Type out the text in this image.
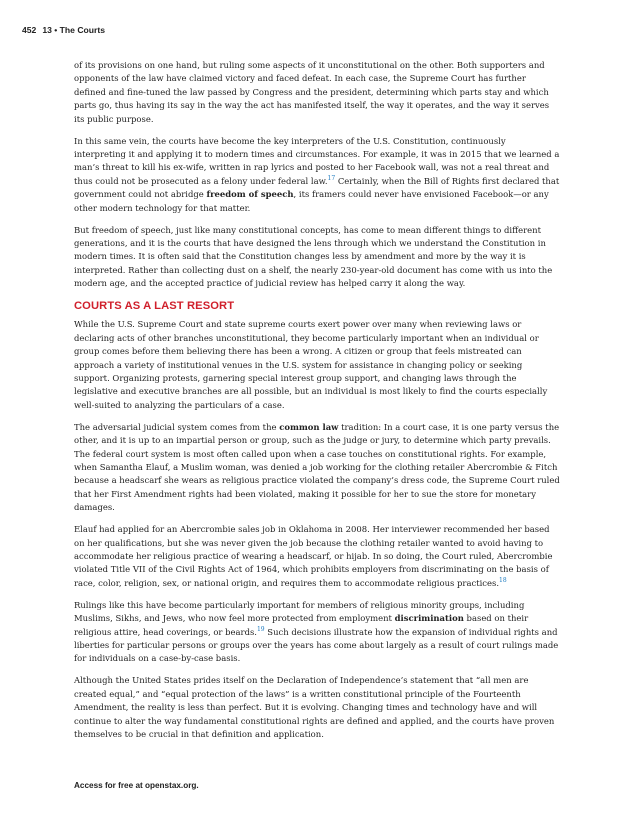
452 13 • The Courts

of its provisions on one hand, but ruling some aspects of it unconstitutional on the other. Both supporters and opponents of the law have claimed victory and faced defeat. In each case, the Supreme Court has further defined and fine-tuned the law passed by Congress and the president, determining which parts stay and which parts go, thus having its say in the way the act has manifested itself, the way it operates, and the way it serves its public purpose.

In this same vein, the courts have become the key interpreters of the U.S. Constitution, continuously interpreting it and applying it to modern times and circumstances. For example, it was in 2015 that we learned a man’s threat to kill his ex-wife, written in rap lyrics and posted to her Facebook wall, was not a real threat and thus could not be prosecuted as a felony under federal law.$^{17}$ Certainly, when the Bill of Rights first declared that government could not abridge freedom of speech, its framers could never have envisioned Facebook—or any other modern technology for that matter.

But freedom of speech, just like many constitutional concepts, has come to mean different things to different generations, and it is the courts that have designed the lens through which we understand the Constitution in modern times. It is often said that the Constitution changes less by amendment and more by the way it is interpreted. Rather than collecting dust on a shelf, the nearly 230-year-old document has come with us into the modern age, and the accepted practice of judicial review has helped carry it along the way.

COURTS AS A LAST RESORT

While the U.S. Supreme Court and state supreme courts exert power over many when reviewing laws or declaring acts of other branches unconstitutional, they become particularly important when an individual or group comes before them believing there has been a wrong. A citizen or group that feels mistreated can approach a variety of institutional venues in the U.S. system for assistance in changing policy or seeking support. Organizing protests, garnering special interest group support, and changing laws through the legislative and executive branches are all possible, but an individual is most likely to find the courts especially well-suited to analyzing the particulars of a case.

The adversarial judicial system comes from the common law tradition: In a court case, it is one party versus the other, and it is up to an impartial person or group, such as the judge or jury, to determine which party prevails. The federal court system is most often called upon when a case touches on constitutional rights. For example, when Samantha Elauf, a Muslim woman, was denied a job working for the clothing retailer Abercrombie & Fitch because a headscarf she wears as religious practice violated the company’s dress code, the Supreme Court ruled that her First Amendment rights had been violated, making it possible for her to sue the store for monetary damages.

Elauf had applied for an Abercrombie sales job in Oklahoma in 2008. Her interviewer recommended her based on her qualifications, but she was never given the job because the clothing retailer wanted to avoid having to accommodate her religious practice of wearing a headscarf, or hijab. In so doing, the Court ruled, Abercrombie violated Title VII of the Civil Rights Act of 1964, which prohibits employers from discriminating on the basis of race, color, religion, sex, or national origin, and requires them to accommodate religious practices.$^{18}$

Rulings like this have become particularly important for members of religious minority groups, including Muslims, Sikhs, and Jews, who now feel more protected from employment discrimination based on their religious attire, head coverings, or beards.$^{19}$ Such decisions illustrate how the expansion of individual rights and liberties for particular persons or groups over the years has come about largely as a result of court rulings made for individuals on a case-by-case basis.

Although the United States prides itself on the Declaration of Independence’s statement that “all men are created equal,” and “equal protection of the laws” is a written constitutional principle of the Fourteenth Amendment, the reality is less than perfect. But it is evolving. Changing times and technology have and will continue to alter the way fundamental constitutional rights are defined and applied, and the courts have proven themselves to be crucial in that definition and application.

Access for free at openstax.org.
